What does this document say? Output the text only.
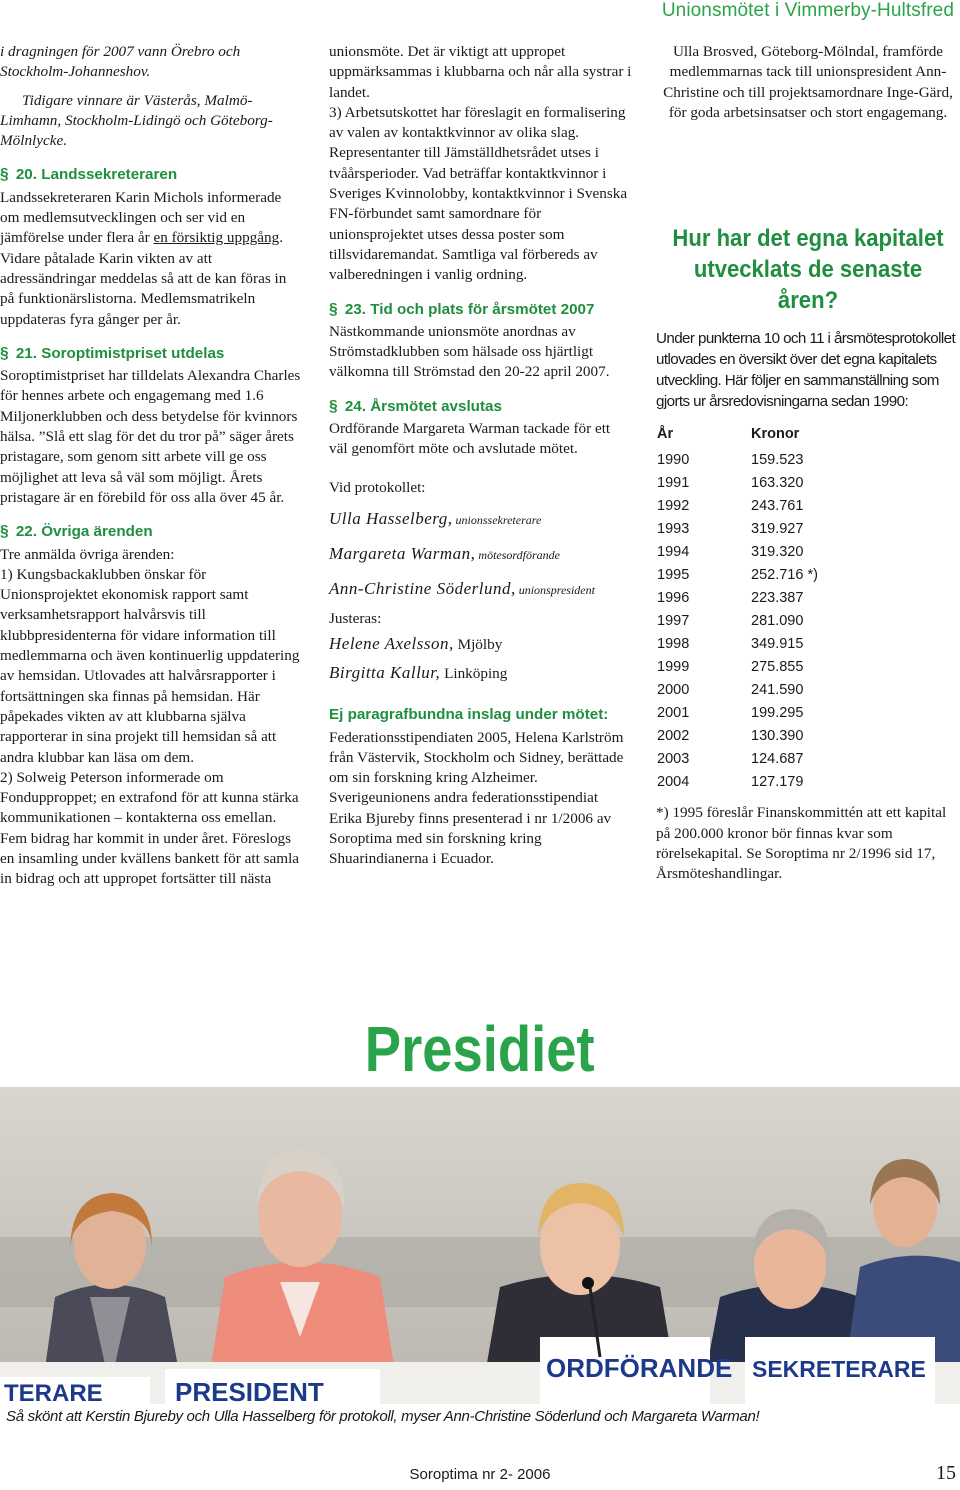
Unionsmötet i Vimmerby-Hultsfred

i dragningen för 2007 vann Örebro och Stockholm-Johanneshov.

Tidigare vinnare är Västerås, Malmö-Limhamn, Stockholm-Lidingö och Göteborg-Mölnlycke.

§ 20. Landssekreteraren

Landssekreteraren Karin Michols informerade om medlemsutvecklingen och ser vid en jämförelse under flera år en försiktig uppgång. Vidare påtalade Karin vikten av att adressändringar meddelas så att de kan föras in på funktionärslistorna. Medlemsmatrikeln uppdateras fyra gånger per år.

§ 21. Soroptimistpriset utdelas

Soroptimistpriset har tilldelats Alexandra Charles för hennes arbete och engagemang med 1.6 Miljonerklubben och dess betydelse för kvinnors hälsa. ”Slå ett slag för det du tror på” säger årets pristagare, som genom sitt arbete vill ge oss möjlighet att leva så väl som möjligt. Årets pristagare är en förebild för oss alla över 45 år.

§ 22. Övriga ärenden

Tre anmälda övriga ärenden:

1) Kungsbackaklubben önskar för Unionsprojektet ekonomisk rapport samt verksamhetsrapport halvårsvis till klubbpresidenterna för vidare information till medlemmarna och även kontinuerlig uppdatering av hemsidan. Utlovades att halvårsrapporter i fortsättningen ska finnas på hemsidan. Här påpekades vikten av att klubbarna själva rapporterar in sina projekt till hemsidan så att andra klubbar kan läsa om dem.

2) Solweig Peterson informerade om Fondupproppet; en extrafond för att kunna stärka kommunikationen – kontakterna oss emellan. Fem bidrag har kommit in under året. Föreslogs en insamling under kvällens bankett för att samla in bidrag och att uppropet fortsätter till nästa

unionsmöte. Det är viktigt att uppropet uppmärksammas i klubbarna och når alla systrar i landet.

3) Arbetsutskottet har föreslagit en formalisering av valen av kontaktkvinnor av olika slag. Representanter till Jämställdhetsrådet utses i tvåårsperioder. Vad beträffar kontaktkvinnor i Sveriges Kvinnolobby, kontaktkvinnor i Svenska FN-förbundet samt samordnare för unionsprojektet utses dessa poster som tillsvidaremandat. Samtliga val förbereds av valberedningen i vanlig ordning.

§ 23. Tid och plats för årsmötet 2007

Nästkommande unionsmöte anordnas av Strömstadklubben som hälsade oss hjärtligt välkomna till Strömstad den 20-22 april 2007.

§ 24. Årsmötet avslutas

Ordförande Margareta Warman tackade för ett väl genomfört möte och avslutade mötet.

Vid protokollet:

Ulla Hasselberg, unionssekreterare

Margareta Warman, mötesordförande

Ann-Christine Söderlund, unionspresident

Justeras:

Helene Axelsson, Mjölby

Birgitta Kallur, Linköping

Ej paragrafbundna inslag under mötet:

Federationsstipendiaten 2005, Helena Karlström från Västervik, Stockholm och Sidney, berättade om sin forskning kring Alzheimer. Sverigeunionens andra federationsstipendiat Erika Bjureby finns presenterad i nr 1/2006 av Soroptima med sin forskning kring Shuarindianerna i Ecuador.

Ulla Brosved, Göteborg-Mölndal, framförde medlemmarnas tack till unionspresident Ann-Christine och till projektsamordnare Inge-Gärd, för goda arbetsinsatser och stort engagemang.

Hur har det egna kapitalet utvecklats de senaste åren?

Under punkterna 10 och 11 i årsmötesprotokollet utlovades en översikt över det egna kapitalets utveckling. Här följer en sammanställning som gjorts ur årsredovisningarna sedan 1990:

År	Kronor
1990	159.523
1991	163.320
1992	243.761
1993	319.927
1994	319.320
1995	252.716 *)
1996	223.387
1997	281.090
1998	349.915
1999	275.855
2000	241.590
2001	199.295
2002	130.390
2003	124.687
2004	127.179

*) 1995 föreslår Finanskommittén att ett kapital på 200.000 kronor bör finnas kvar som rörelsekapital. Se Soroptima nr 2/1996 sid 17, Årsmöteshandlingar.

Presidiet
TERARE	PRESIDENT
ORDFÖRANDE SEKRETERARE
Så skönt att Kerstin Bjureby och Ulla Hasselberg för protokoll, myser Ann-Christine Söderlund och Margareta Warman!
Soroptima nr 2- 2006	15
